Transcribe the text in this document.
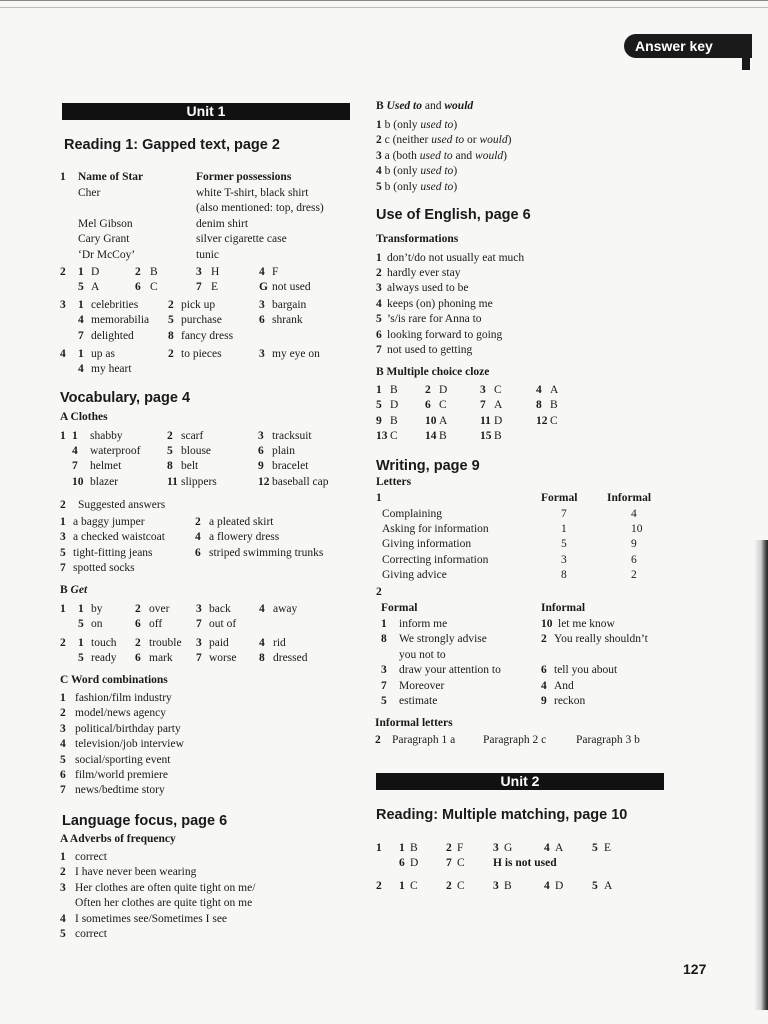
Answer key
127
Unit 1
Reading 1: Gapped text, page 2
1 Name of Star	Former possessions
Cher	white T-shirt, black shirt
(also mentioned: top, dress)
Mel Gibson	denim shirt
Cary Grant	silver cigarette case
‘Dr McCoy’	tunic
2 1 D	2 B	3 H	4 F
5 A	6 C	7 E	G not used
3 1 celebrities	2 pick up	3 bargain
4 memorabilia 5 purchase	6 shrank
7 delighted	8 fancy dress
4 1 up as	2 to pieces	3 my eye on
4 my heart
Vocabulary, page 4
A Clothes
1 1 shabby	2 scarf	3 tracksuit
4 waterproof 5 blouse	6 plain
7 helmet	8 belt	9 bracelet
10 blazer	11 slippers	12 baseball cap
2 Suggested answers
1 a baggy jumper	2 a pleated skirt
3 a checked waistcoat	4 a flowery dress
5 tight-fitting jeans	6 striped swimming trunks
7 spotted socks
B Get
1 1 by	2 over 3 back 4 away
5 on	6 off	7 out of
2 1 touch 2 trouble 3 paid	4 rid
5 ready 6 mark 7 worse 8 dressed
C Word combinations
1 fashion/film industry
2 model/news agency
3 political/birthday party
4 television/job interview
5 social/sporting event
6 film/world premiere
7 news/bedtime story
Language focus, page 6
A Adverbs of frequency
1 correct
2 I have never been wearing
3 Her clothes are often quite tight on me/
Often her clothes are quite tight on me
4 I sometimes see/Sometimes I see
5 correct
B Used to and would
1 b (only used to)
2 c (neither used to or would)
3 a (both used to and would)
4 b (only used to)
5 b (only used to)
Use of English, page 6
Transformations
1 don’t/do not usually eat much
2 hardly ever stay
3 always used to be
4 keeps (on) phoning me
5 ’s/is rare for Anna to
6 looking forward to going
7 not used to getting
B Multiple choice cloze
1 B 2 D	3 C	4 A
5 D 6 C	7 A	8 B
9 B 10 A	11 D	12 C
13 C 14 B	15 B
Writing, page 9
Letters
1	Formal	Informal
Complaining	7	4
Asking for information	1	10
Giving information	5	9
Correcting information	3	6
Giving advice	8	2
2
Formal	Informal
1 inform me	10 let me know
8 We strongly advise	2 You really shouldn’t
you not to
3 draw your attention to	6 tell you about
7 Moreover	4 And
5 estimate	9 reckon
Informal letters
2 Paragraph 1 a Paragraph 2 c	Paragraph 3 b
Unit 2
Reading: Multiple matching, page 10
1 1 B 2 F	3 G	4 A 5 E
6 D 7 C H is not used
2 1 C 2 C 3 B	4 D 5 A
